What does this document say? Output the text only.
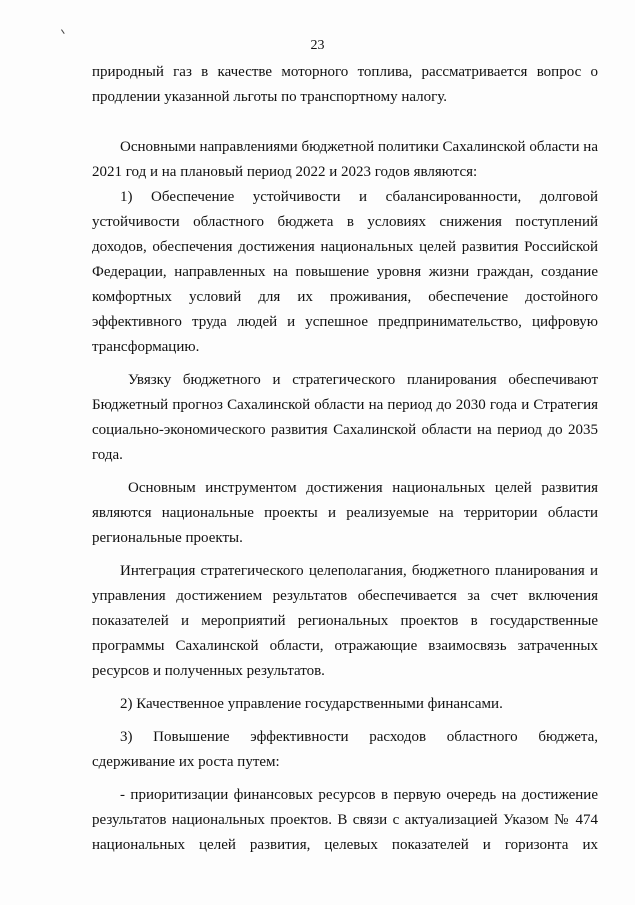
23

природный газ в качестве моторного топлива, рассматривается вопрос о продлении указанной льготы по транспортному налогу.

Основными направлениями бюджетной политики Сахалинской области на 2021 год и на плановый период 2022 и 2023 годов являются:

1) Обеспечение устойчивости и сбалансированности, долговой устойчивости областного бюджета в условиях снижения поступлений доходов, обеспечения достижения национальных целей развития Российской Федерации, направленных на повышение уровня жизни граждан, создание комфортных условий для их проживания, обеспечение достойного эффективного труда людей и успешное предпринимательство, цифровую трансформацию.

Увязку бюджетного и стратегического планирования обеспечивают Бюджетный прогноз Сахалинской области на период до 2030 года и Стратегия социально-экономического развития Сахалинской области на период до 2035 года.

Основным инструментом достижения национальных целей развития являются национальные проекты и реализуемые на территории области региональные проекты.

Интеграция стратегического целеполагания, бюджетного планирования и управления достижением результатов обеспечивается за счет включения показателей и мероприятий региональных проектов в государственные программы Сахалинской области, отражающие взаимосвязь затраченных ресурсов и полученных результатов.

2) Качественное управление государственными финансами.

3) Повышение эффективности расходов областного бюджета, сдерживание их роста путем:

- приоритизации финансовых ресурсов в первую очередь на достижение результатов национальных проектов. В связи с актуализацией Указом № 474 национальных целей развития, целевых показателей и горизонта их
